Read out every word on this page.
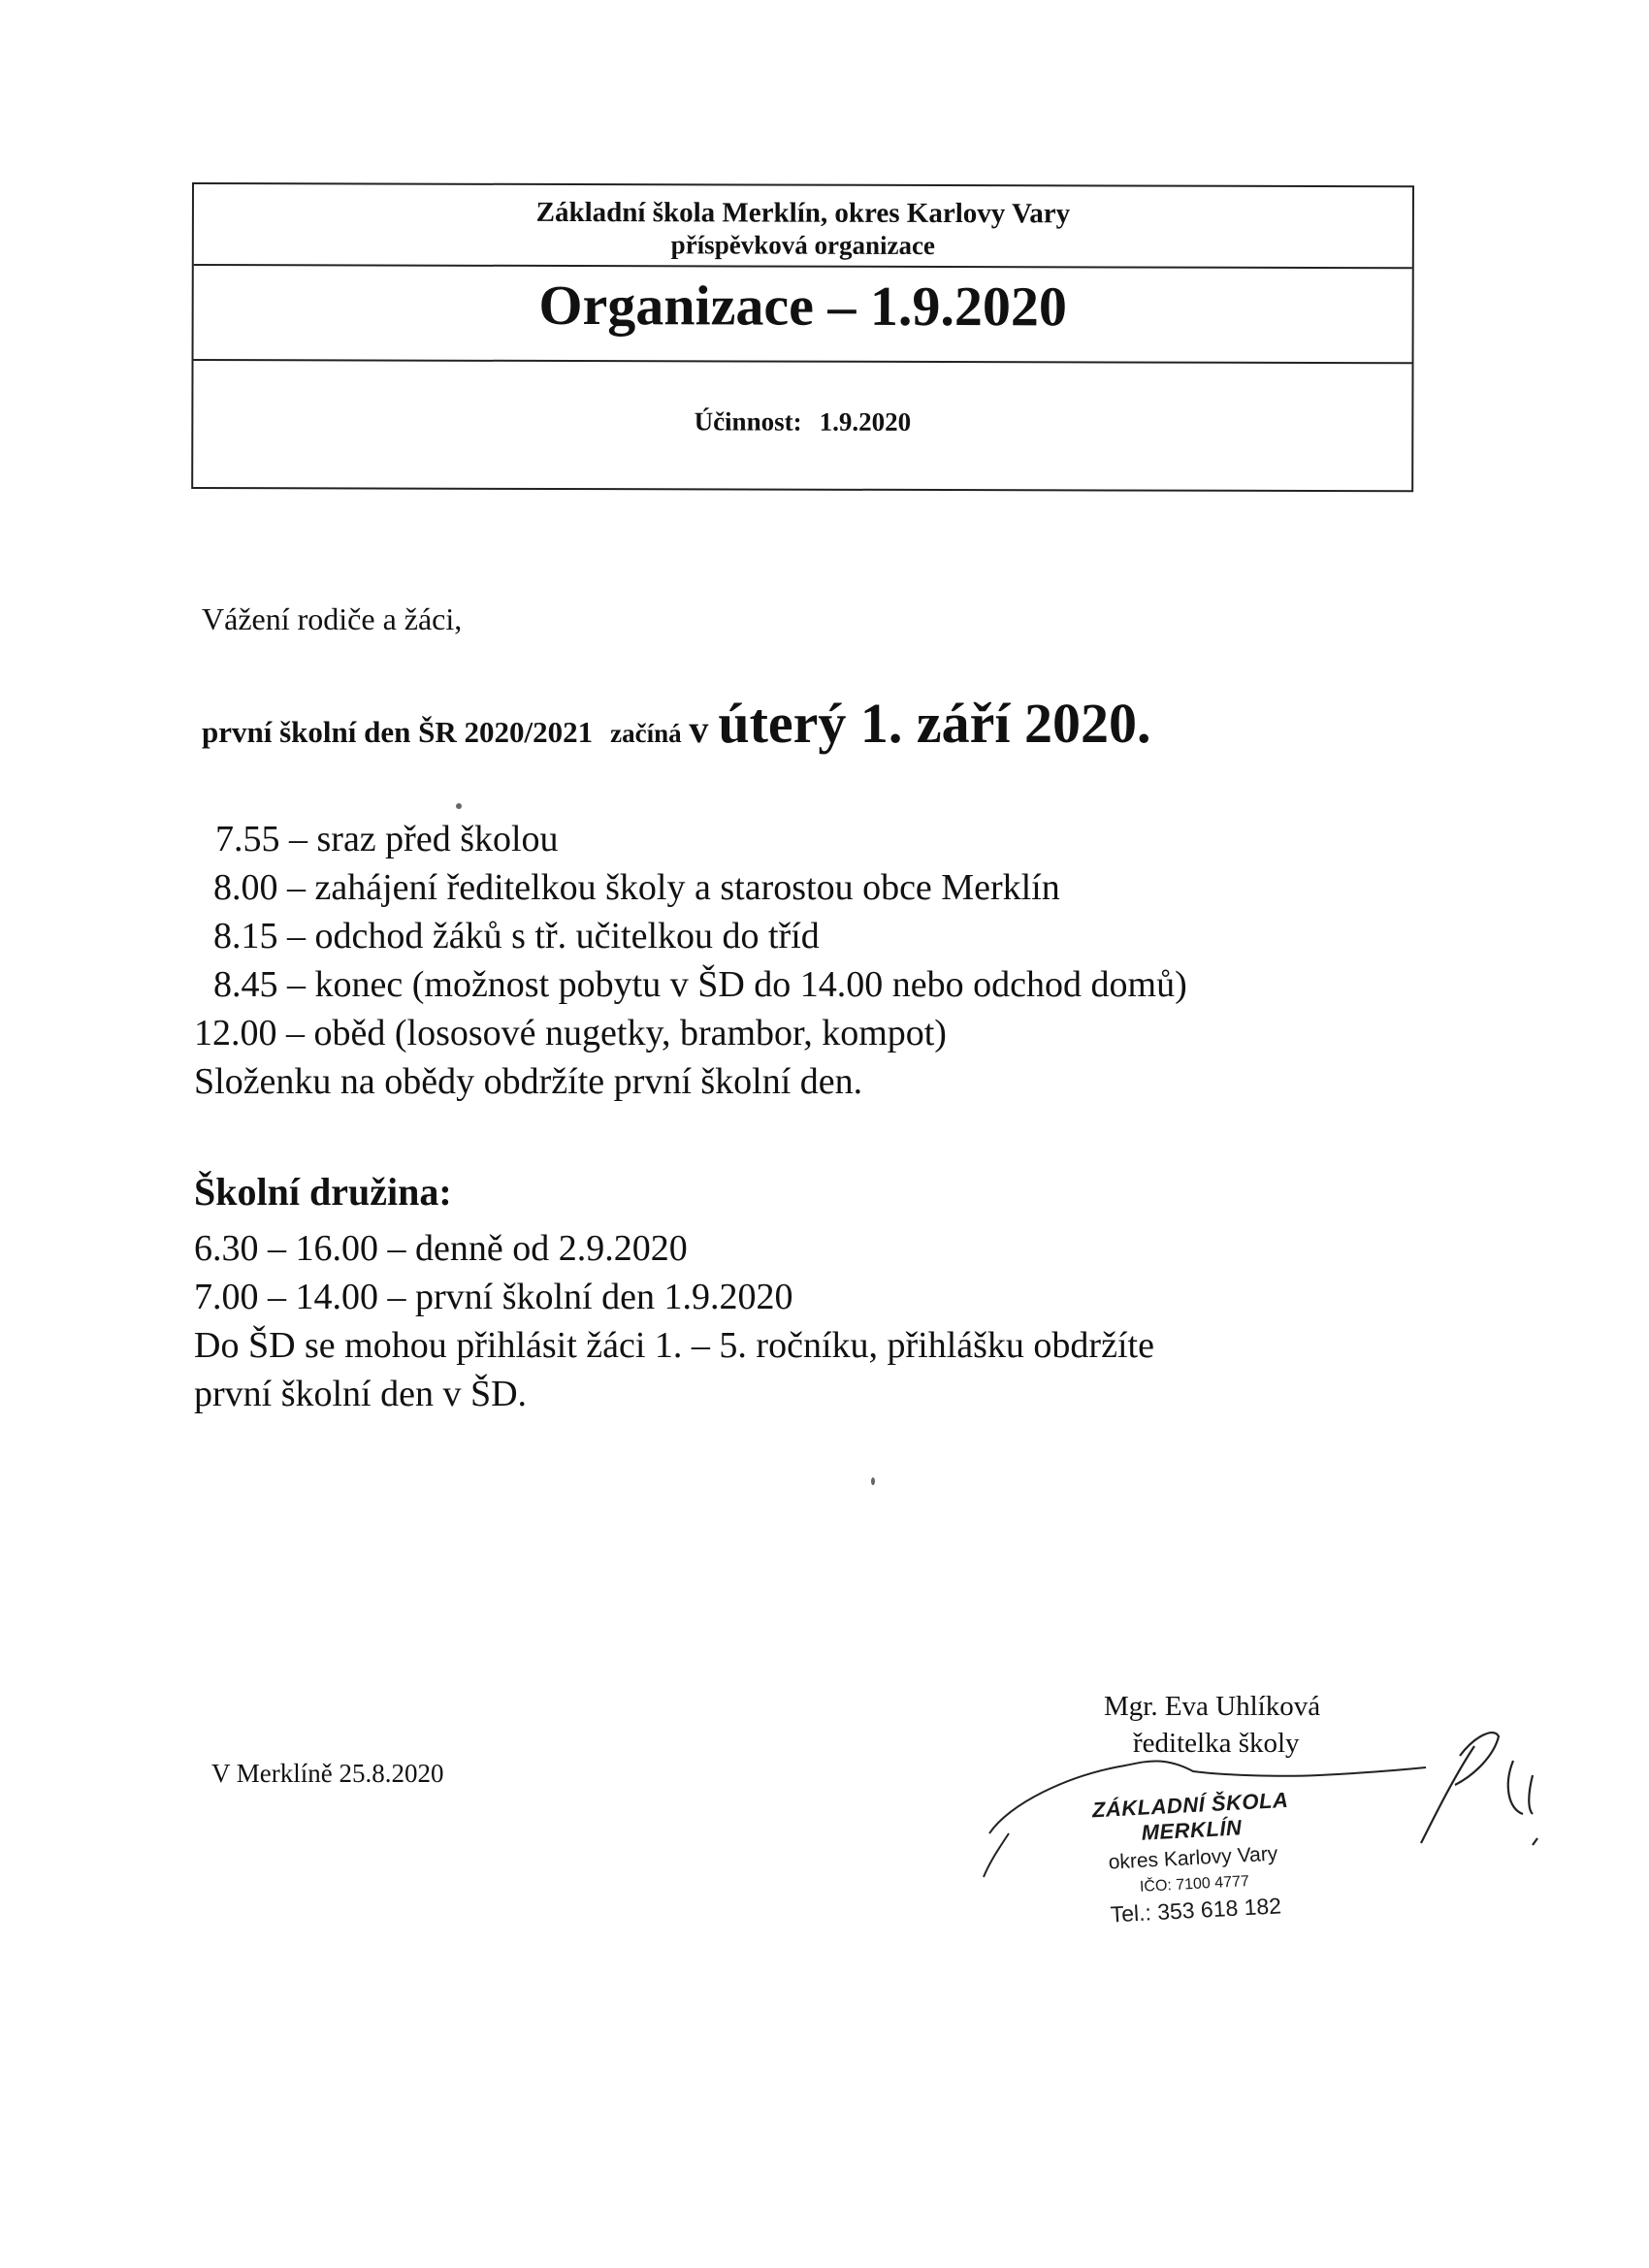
Základní škola Merklín, okres Karlovy Vary
příspěvková organizace
Organizace – 1.9.2020
Účinnost: 1.9.2020
Vážení rodiče a žáci,
první školní den ŠR 2020/2021 začíná v úterý 1. září 2020.
7.55 – sraz před školou
8.00 – zahájení ředitelkou školy a starostou obce Merklín
8.15 – odchod žáků s tř. učitelkou do tříd
8.45 – konec (možnost pobytu v ŠD do 14.00 nebo odchod domů)
12.00 – oběd (lososové nugetky, brambor, kompot)
Složenku na obědy obdržíte první školní den.
Školní družina:
6.30 – 16.00 – denně od 2.9.2020
7.00 – 14.00 – první školní den 1.9.2020
Do ŠD se mohou přihlásit žáci 1. – 5. ročníku, přihlášku obdržíte
první školní den v ŠD.
V Merklíně 25.8.2020
Mgr. Eva Uhlíková
ředitelka školy
ZÁKLADNÍ ŠKOLA MERKLÍN
okres Karlovy Vary
IČO: 7100 4777
Tel.: 353 618 182
